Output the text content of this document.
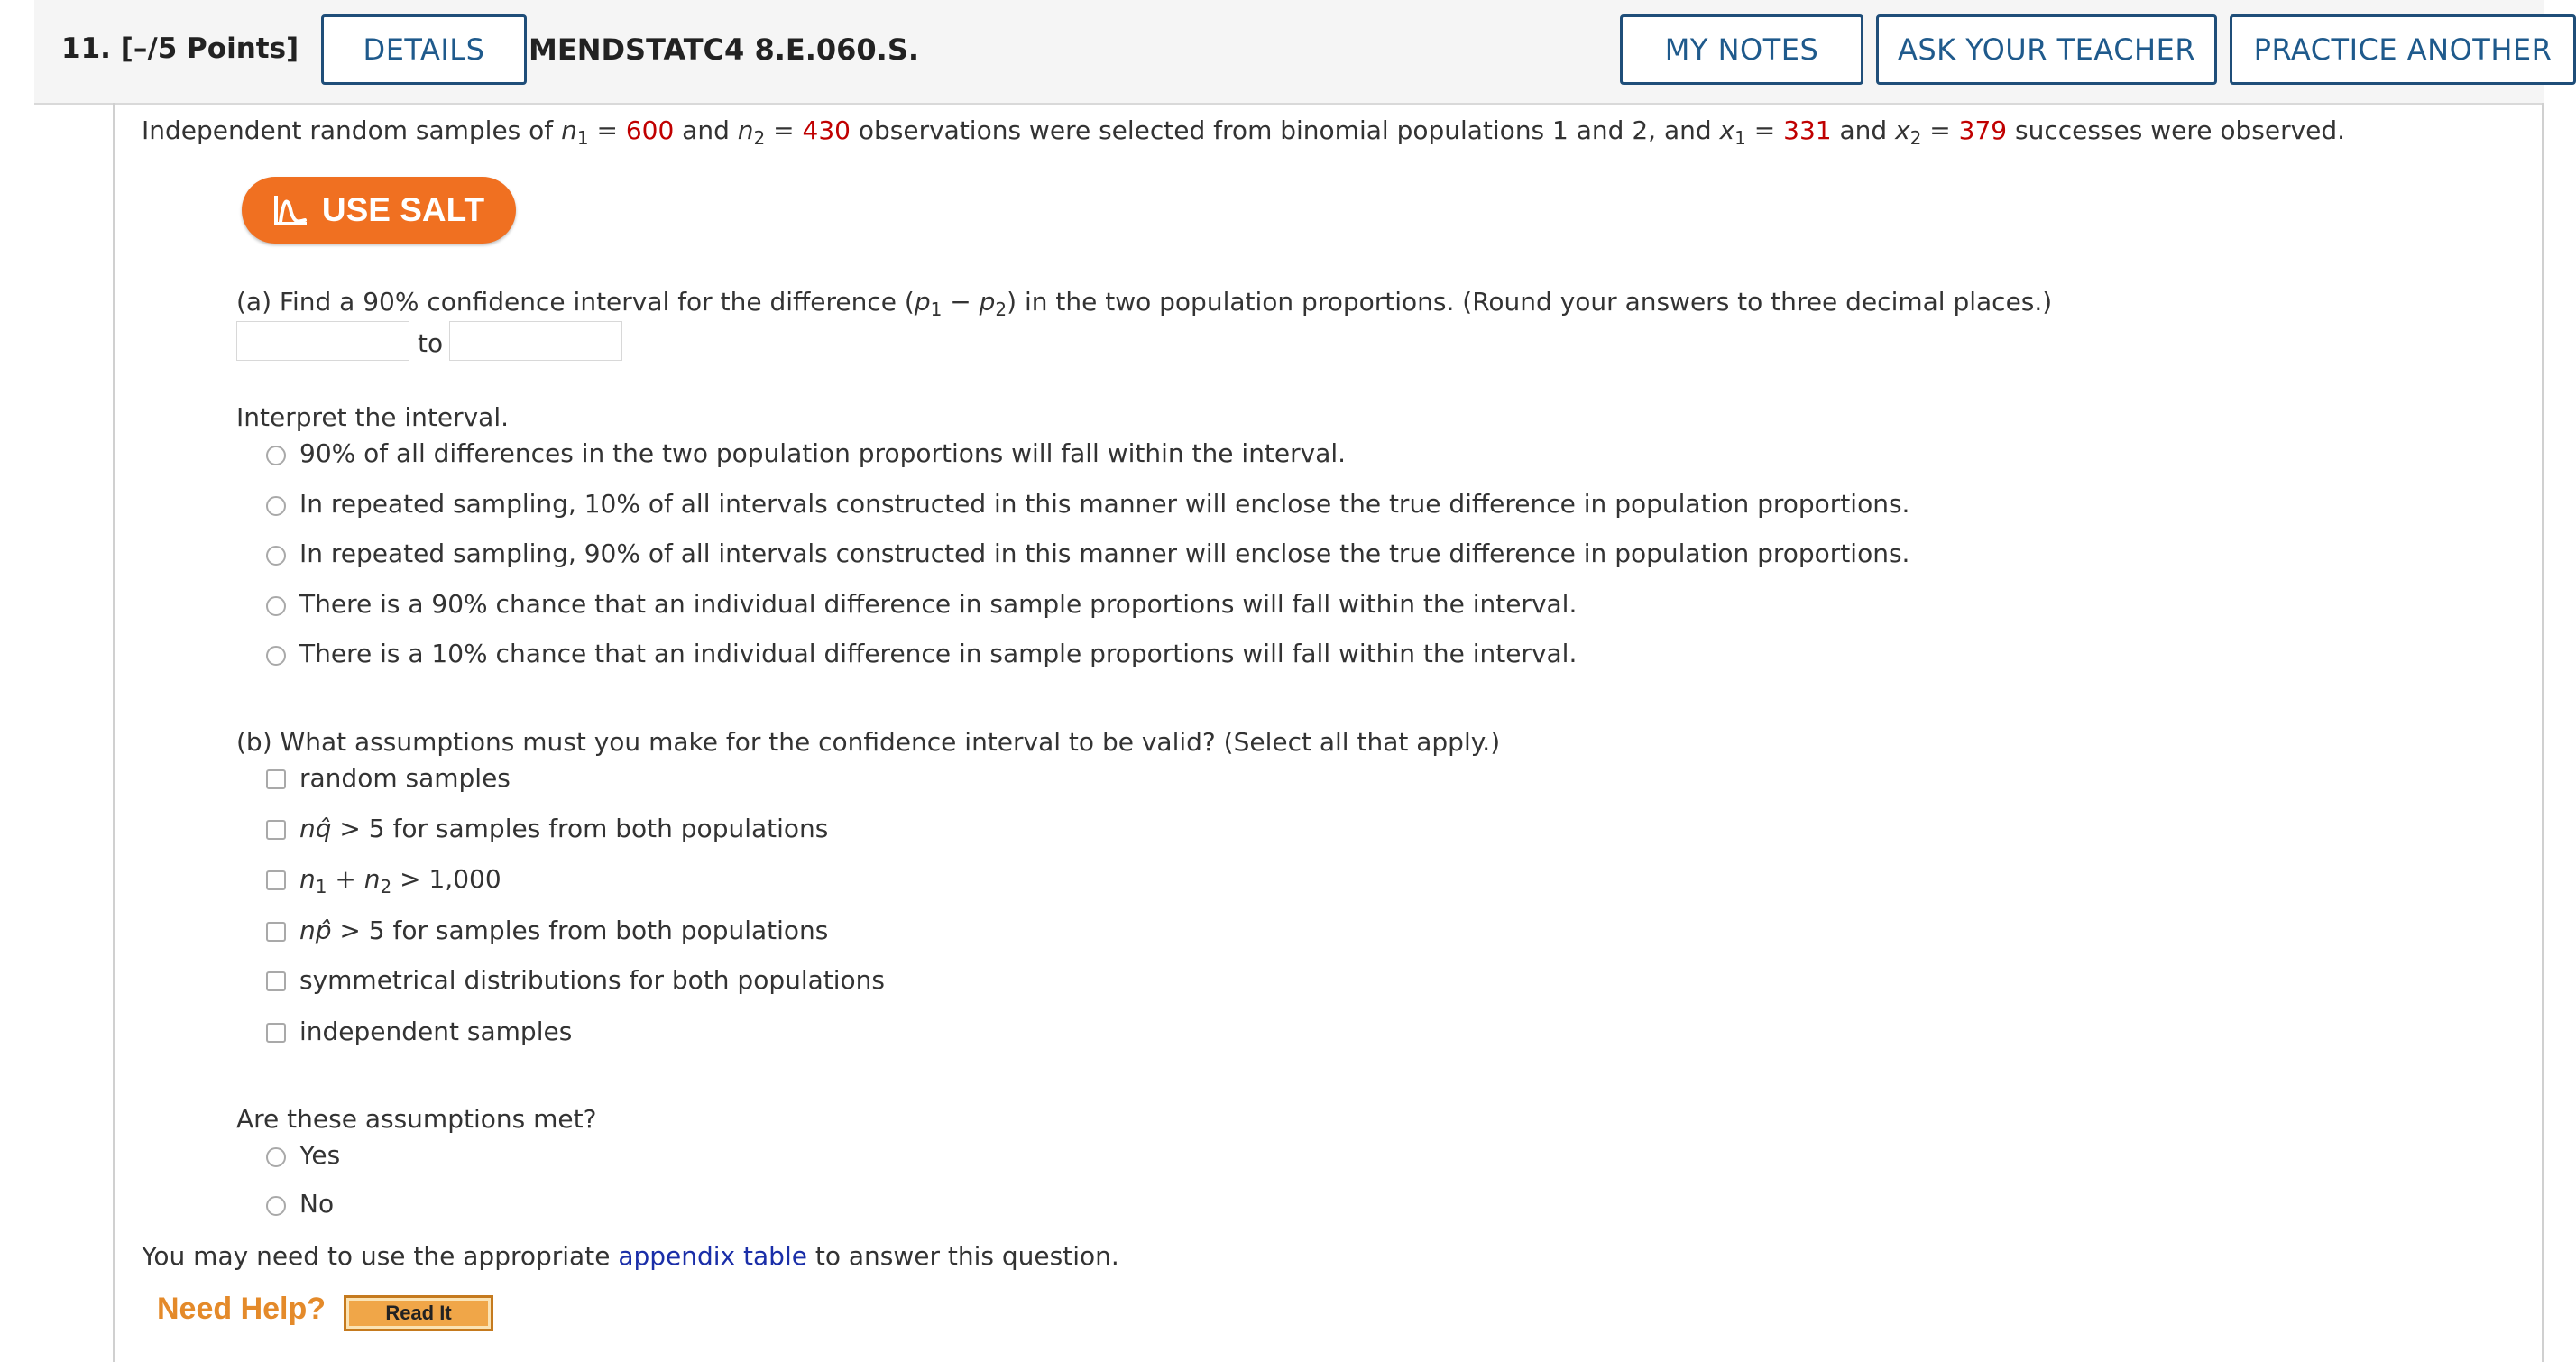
11. [–/5 Points]	DETAILS	MENDSTATC4 8.E.060.S.	MY NOTES	ASK YOUR TEACHER	PRACTICE ANOTHER
Independent random samples of $n_1 = 600$ and $n_2 = 430$ observations were selected from binomial populations 1 and 2, and $x_1 = 331$ and $x_2 = 379$ successes were observed.
USE SALT
(a) Find a 90% confidence interval for the difference $(p_1 - p_2)$ in the two population proportions. (Round your answers to three decimal places.)
to
Interpret the interval.
90% of all differences in the two population proportions will fall within the interval.
In repeated sampling, 10% of all intervals constructed in this manner will enclose the true difference in population proportions.
In repeated sampling, 90% of all intervals constructed in this manner will enclose the true difference in population proportions.
There is a 90% chance that an individual difference in sample proportions will fall within the interval.
There is a 10% chance that an individual difference in sample proportions will fall within the interval.
(b) What assumptions must you make for the confidence interval to be valid? (Select all that apply.)
random samples
nq̂ > 5 for samples from both populations
$n_1 + n_2 > 1,000$
np̂ > 5 for samples from both populations
symmetrical distributions for both populations
independent samples
Are these assumptions met?
Yes
No
You may need to use the appropriate appendix table to answer this question.
Need Help?	Read It
